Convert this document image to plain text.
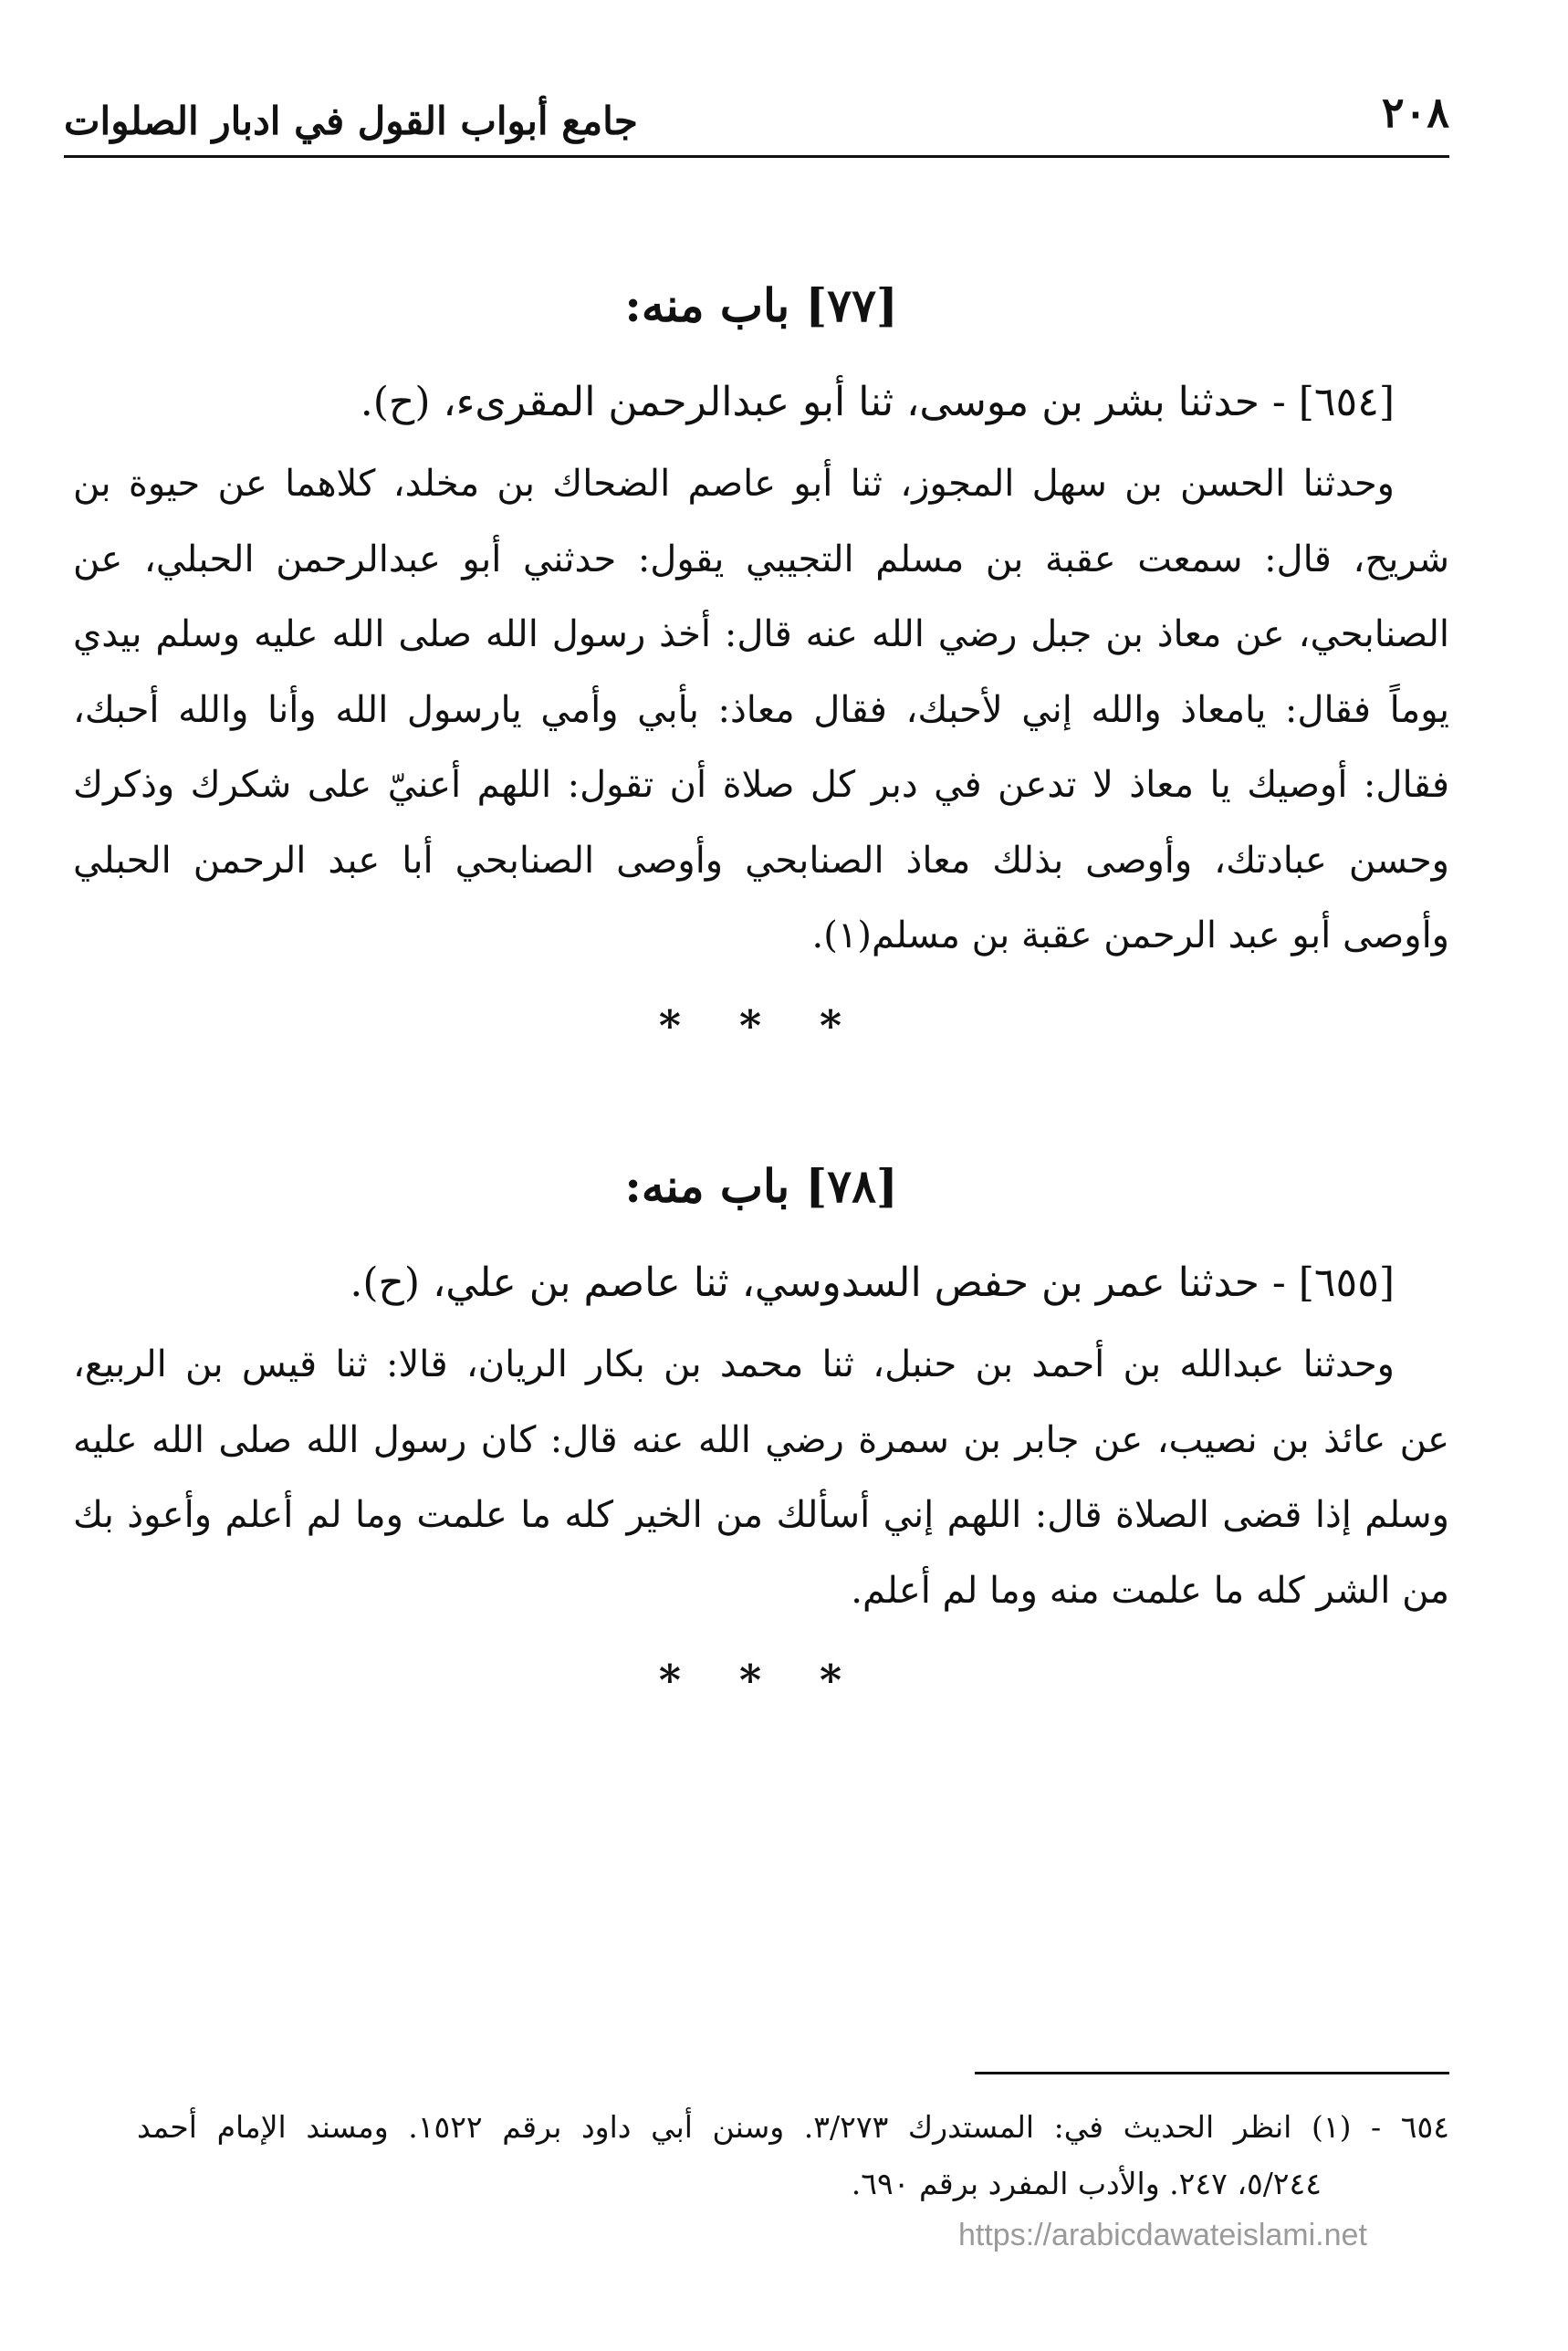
٢٠٨
جامع أبواب القول في ادبار الصلوات
[٧٧] باب منه:
[٦٥٤] - حدثنا بشر بن موسى، ثنا أبو عبدالرحمن المقرىء، (ح).
وحدثنا الحسن بن سهل المجوز، ثنا أبو عاصم الضحاك بن مخلد، كلاهما عن حيوة بن
شريح، قال: سمعت عقبة بن مسلم التجيبي يقول: حدثني أبو عبدالرحمن الحبلي، عن
الصنابحي، عن معاذ بن جبل رضي الله عنه قال: أخذ رسول الله صلى الله عليه وسلم بيدي
يوماً فقال: يامعاذ والله إني لأحبك، فقال معاذ: بأبي وأمي يارسول الله وأنا والله أحبك،
فقال: أوصيك يا معاذ لا تدعن في دبر كل صلاة أن تقول: اللهم أعنيّ على شكرك وذكرك
وحسن عبادتك، وأوصى بذلك معاذ الصنابحي وأوصى الصنابحي أبا عبد الرحمن الحبلي
وأوصى أبو عبد الرحمن عقبة بن مسلم(١).
* * *
[٧٨] باب منه:
[٦٥٥] - حدثنا عمر بن حفص السدوسي، ثنا عاصم بن علي، (ح).
وحدثنا عبدالله بن أحمد بن حنبل، ثنا محمد بن بكار الريان، قالا: ثنا قيس بن الربيع،
عن عائذ بن نصيب، عن جابر بن سمرة رضي الله عنه قال: كان رسول الله صلى الله عليه
وسلم إذا قضى الصلاة قال: اللهم إني أسألك من الخير كله ما علمت وما لم أعلم وأعوذ بك
من الشر كله ما علمت منه وما لم أعلم.
* * *
٦٥٤ - (١) انظر الحديث في: المستدرك ٣/٢٧٣. وسنن أبي داود برقم ١٥٢٢. ومسند الإمام أحمد
٥/٢٤٤، ٢٤٧. والأدب المفرد برقم ٦٩٠.
https://arabicdawateislami.net
